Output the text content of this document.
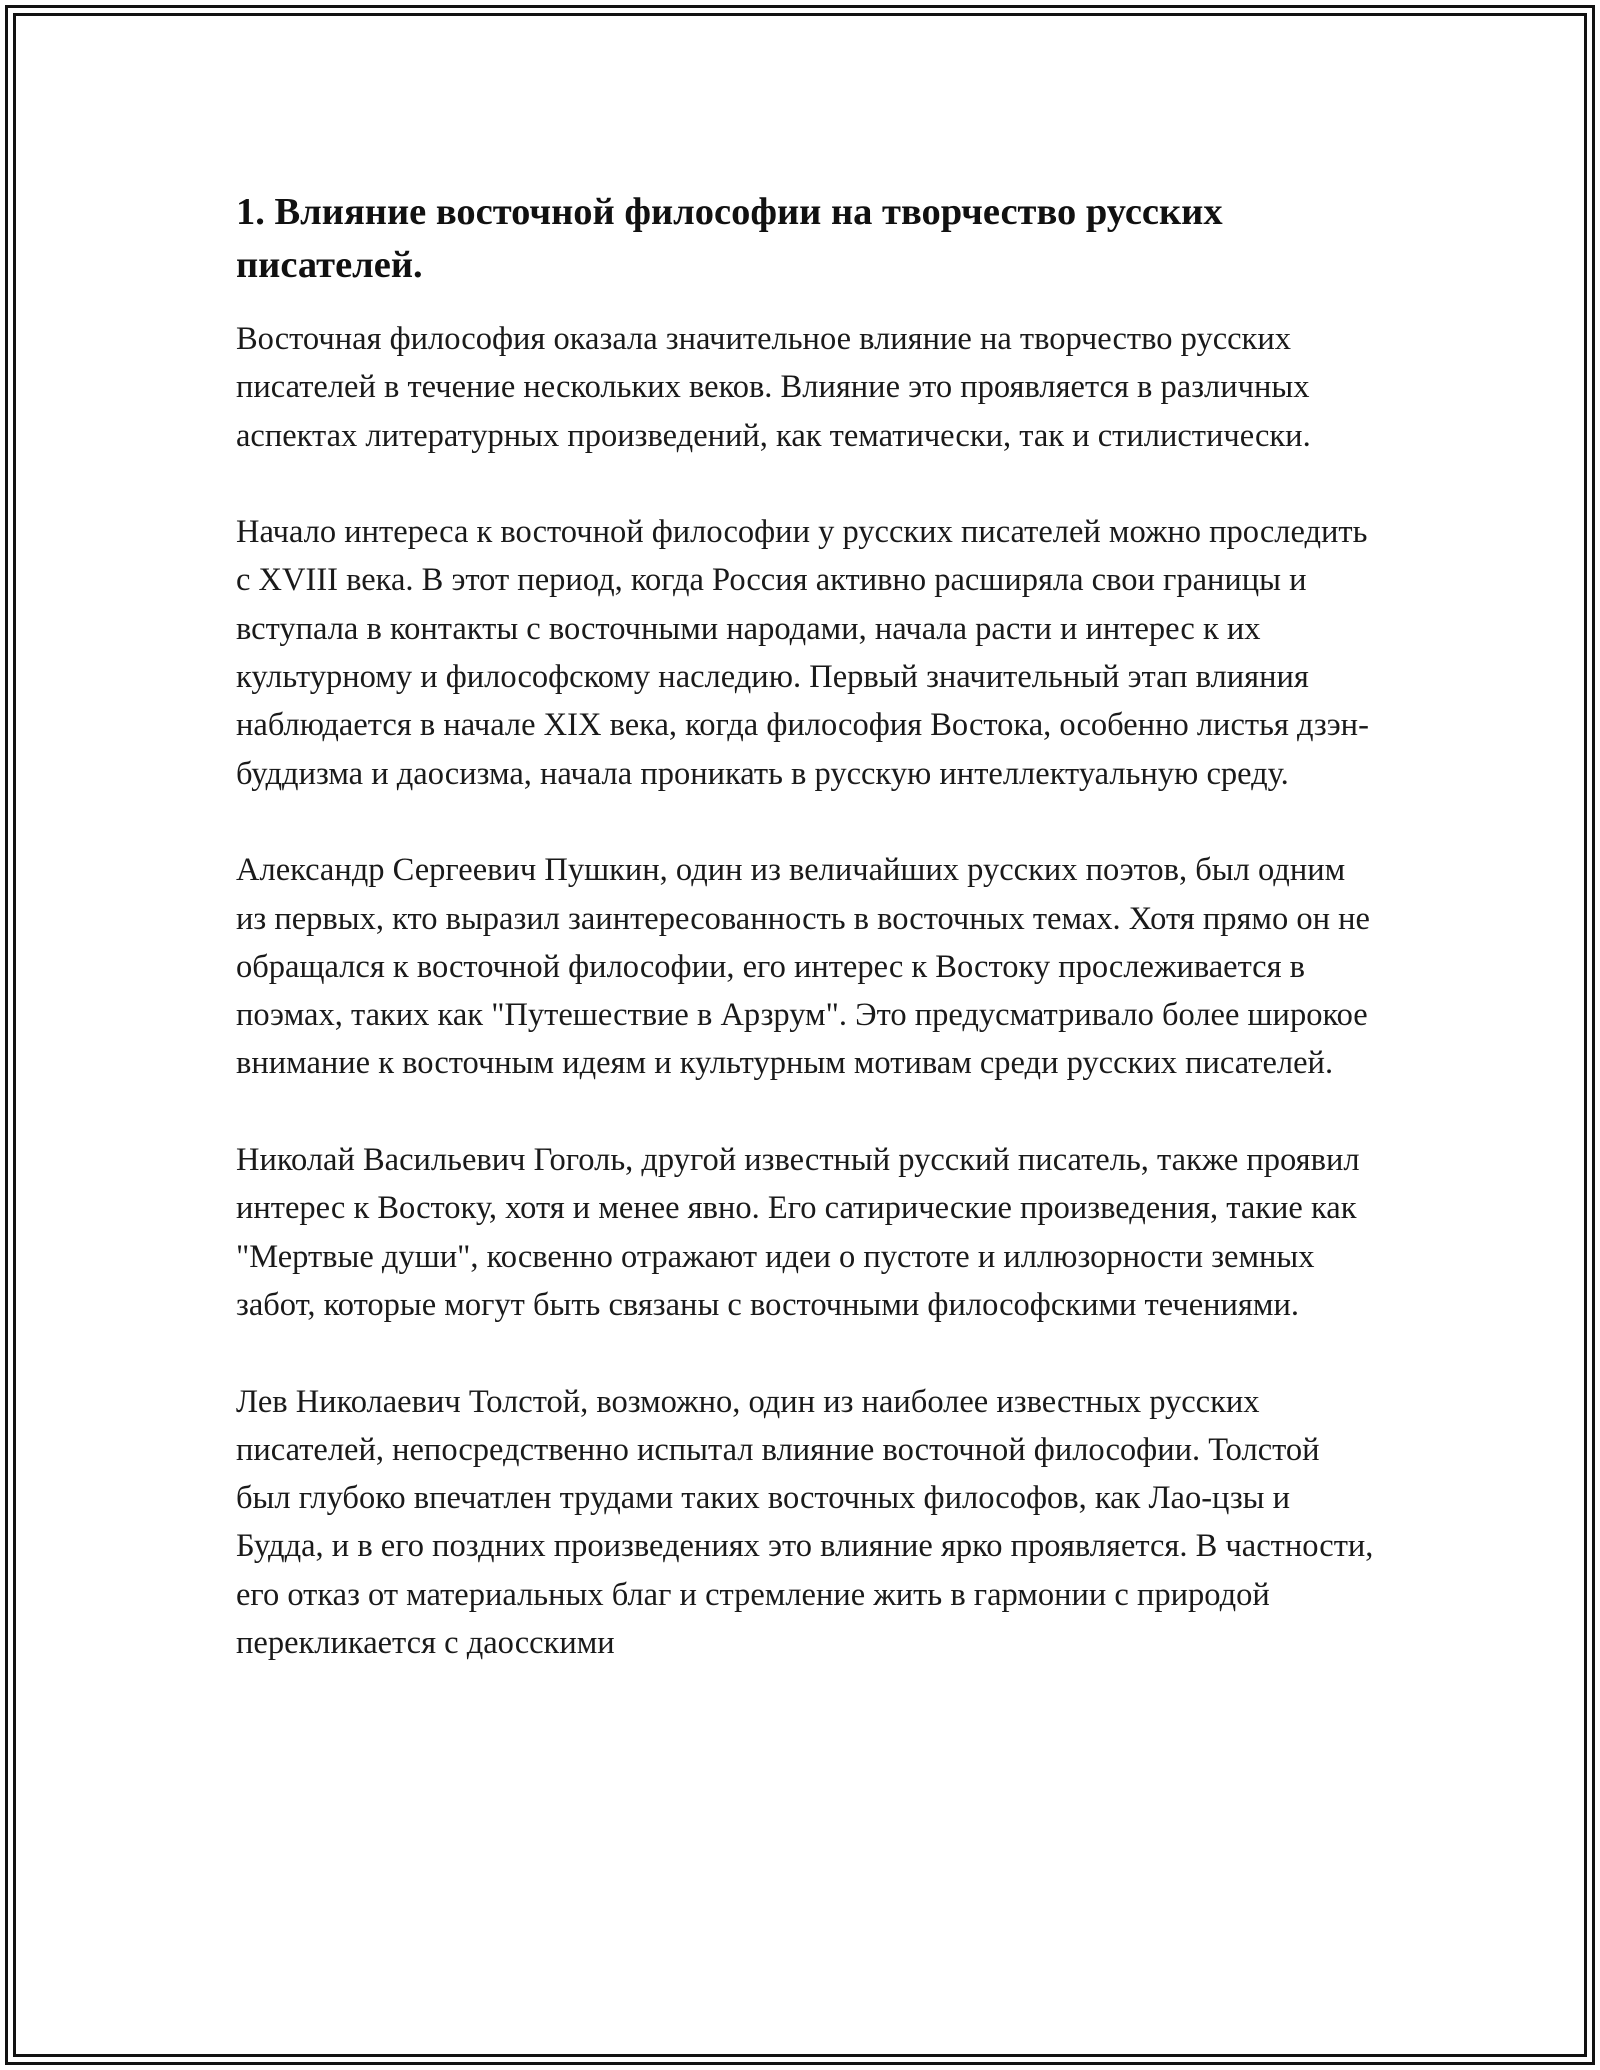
1. Влияние восточной философии на творчество русских писателей.

Восточная философия оказала значительное влияние на творчество русских писателей в течение нескольких веков. Влияние это проявляется в различных аспектах литературных произведений, как тематически, так и стилистически.

Начало интереса к восточной философии у русских писателей можно проследить с XVIII века. В этот период, когда Россия активно расширяла свои границы и вступала в контакты с восточными народами, начала расти и интерес к их культурному и философскому наследию. Первый значительный этап влияния наблюдается в начале XIX века, когда философия Востока, особенно листья дзэн-буддизма и даосизма, начала проникать в русскую интеллектуальную среду.

Александр Сергеевич Пушкин, один из величайших русских поэтов, был одним из первых, кто выразил заинтересованность в восточных темах. Хотя прямо он не обращался к восточной философии, его интерес к Востоку прослеживается в поэмах, таких как "Путешествие в Арзрум". Это предусматривало более широкое внимание к восточным идеям и культурным мотивам среди русских писателей.

Николай Васильевич Гоголь, другой известный русский писатель, также проявил интерес к Востоку, хотя и менее явно. Его сатирические произведения, такие как "Мертвые души", косвенно отражают идеи о пустоте и иллюзорности земных забот, которые могут быть связаны с восточными философскими течениями.

Лев Николаевич Толстой, возможно, один из наиболее известных русских писателей, непосредственно испытал влияние восточной философии. Толстой был глубоко впечатлен трудами таких восточных философов, как Лао-цзы и Будда, и в его поздних произведениях это влияние ярко проявляется. В частности, его отказ от материальных благ и стремление жить в гармонии с природой перекликается с даосскими
